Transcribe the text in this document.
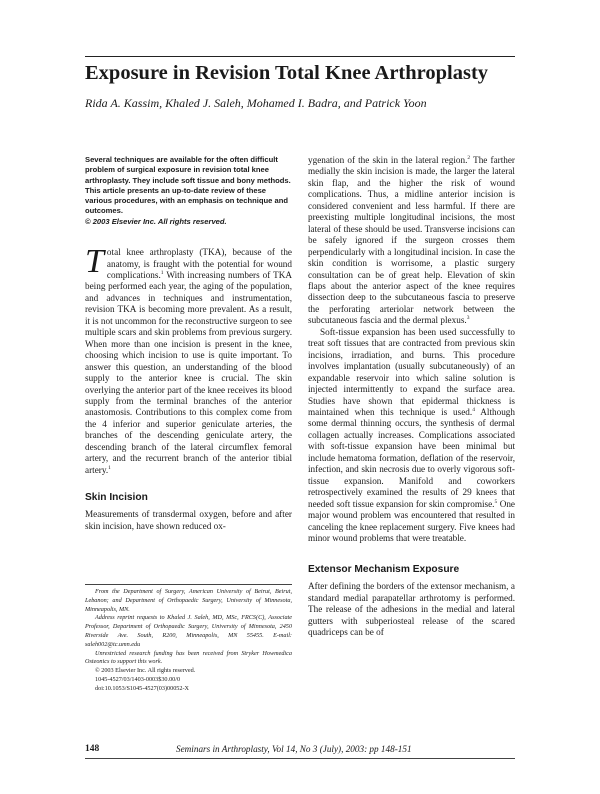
Exposure in Revision Total Knee Arthroplasty

Rida A. Kassim, Khaled J. Saleh, Mohamed I. Badra, and Patrick Yoon

Several techniques are available for the often difficult problem of surgical exposure in revision total knee arthroplasty. They include soft tissue and bony methods. This article presents an up-to-date review of these various procedures, with an emphasis on technique and outcomes.
© 2003 Elsevier Inc. All rights reserved.

Total knee arthroplasty (TKA), because of the anatomy, is fraught with the potential for wound complications.$^1$ With increasing numbers of TKA being performed each year, the aging of the population, and advances in techniques and instrumentation, revision TKA is becoming more prevalent. As a result, it is not uncommon for the reconstructive surgeon to see multiple scars and skin problems from previous surgery. When more than one incision is present in the knee, choosing which incision to use is quite important. To answer this question, an understanding of the blood supply to the anterior knee is crucial. The skin overlying the anterior part of the knee receives its blood supply from the terminal branches of the anterior anastomosis. Contributions to this complex come from the 4 inferior and superior geniculate arteries, the branches of the descending geniculate artery, the descending branch of the lateral circumflex femoral artery, and the recurrent branch of the anterior tibial artery.$^1$

Skin Incision

Measurements of transdermal oxygen, before and after skin incision, have shown reduced ox-

From the Department of Surgery, American University of Beirut, Beirut, Lebanon; and Department of Orthopaedic Surgery, University of Minnesota, Minneapolis, MN.

Address reprint requests to Khaled J. Saleh, MD, MSc, FRCS(C), Associate Professor, Department of Orthopaedic Surgery, University of Minnesota, 2450 Riverside Ave. South, R200, Minneapolis, MN 55455. E-mail: saleh002@tc.umn.edu

Unrestricted research funding has been received from Stryker Howmedica Osteonics to support this work.

© 2003 Elsevier Inc. All rights reserved.
1045-4527/03/1403-0003$30.00/0
doi:10.1053/S1045-4527(03)00052-X

ygenation of the skin in the lateral region.$^2$ The farther medially the skin incision is made, the larger the lateral skin flap, and the higher the risk of wound complications. Thus, a midline anterior incision is considered convenient and less harmful. If there are preexisting multiple longitudinal incisions, the most lateral of these should be used. Transverse incisions can be safely ignored if the surgeon crosses them perpendicularly with a longitudinal incision. In case the skin condition is worrisome, a plastic surgery consultation can be of great help. Elevation of skin flaps about the anterior aspect of the knee requires dissection deep to the subcutaneous fascia to preserve the perforating arteriolar network between the subcutaneous fascia and the dermal plexus.$^3$

Soft-tissue expansion has been used successfully to treat soft tissues that are contracted from previous skin incisions, irradiation, and burns. This procedure involves implantation (usually subcutaneously) of an expandable reservoir into which saline solution is injected intermittently to expand the surface area. Studies have shown that epidermal thickness is maintained when this technique is used.$^4$ Although some dermal thinning occurs, the synthesis of dermal collagen actually increases. Complications associated with soft-tissue expansion have been minimal but include hematoma formation, deflation of the reservoir, infection, and skin necrosis due to overly vigorous soft-tissue expansion. Manifold and coworkers retrospectively examined the results of 29 knees that needed soft tissue expansion for skin compromise.$^5$ One major wound problem was encountered that resulted in canceling the knee replacement surgery. Five knees had minor wound problems that were treatable.

Extensor Mechanism Exposure

After defining the borders of the extensor mechanism, a standard medial parapatellar arthrotomy is performed. The release of the adhesions in the medial and lateral gutters with subperiosteal release of the scared quadriceps can be of

148	Seminars in Arthroplasty, Vol 14, No 3 (July), 2003: pp 148-151
